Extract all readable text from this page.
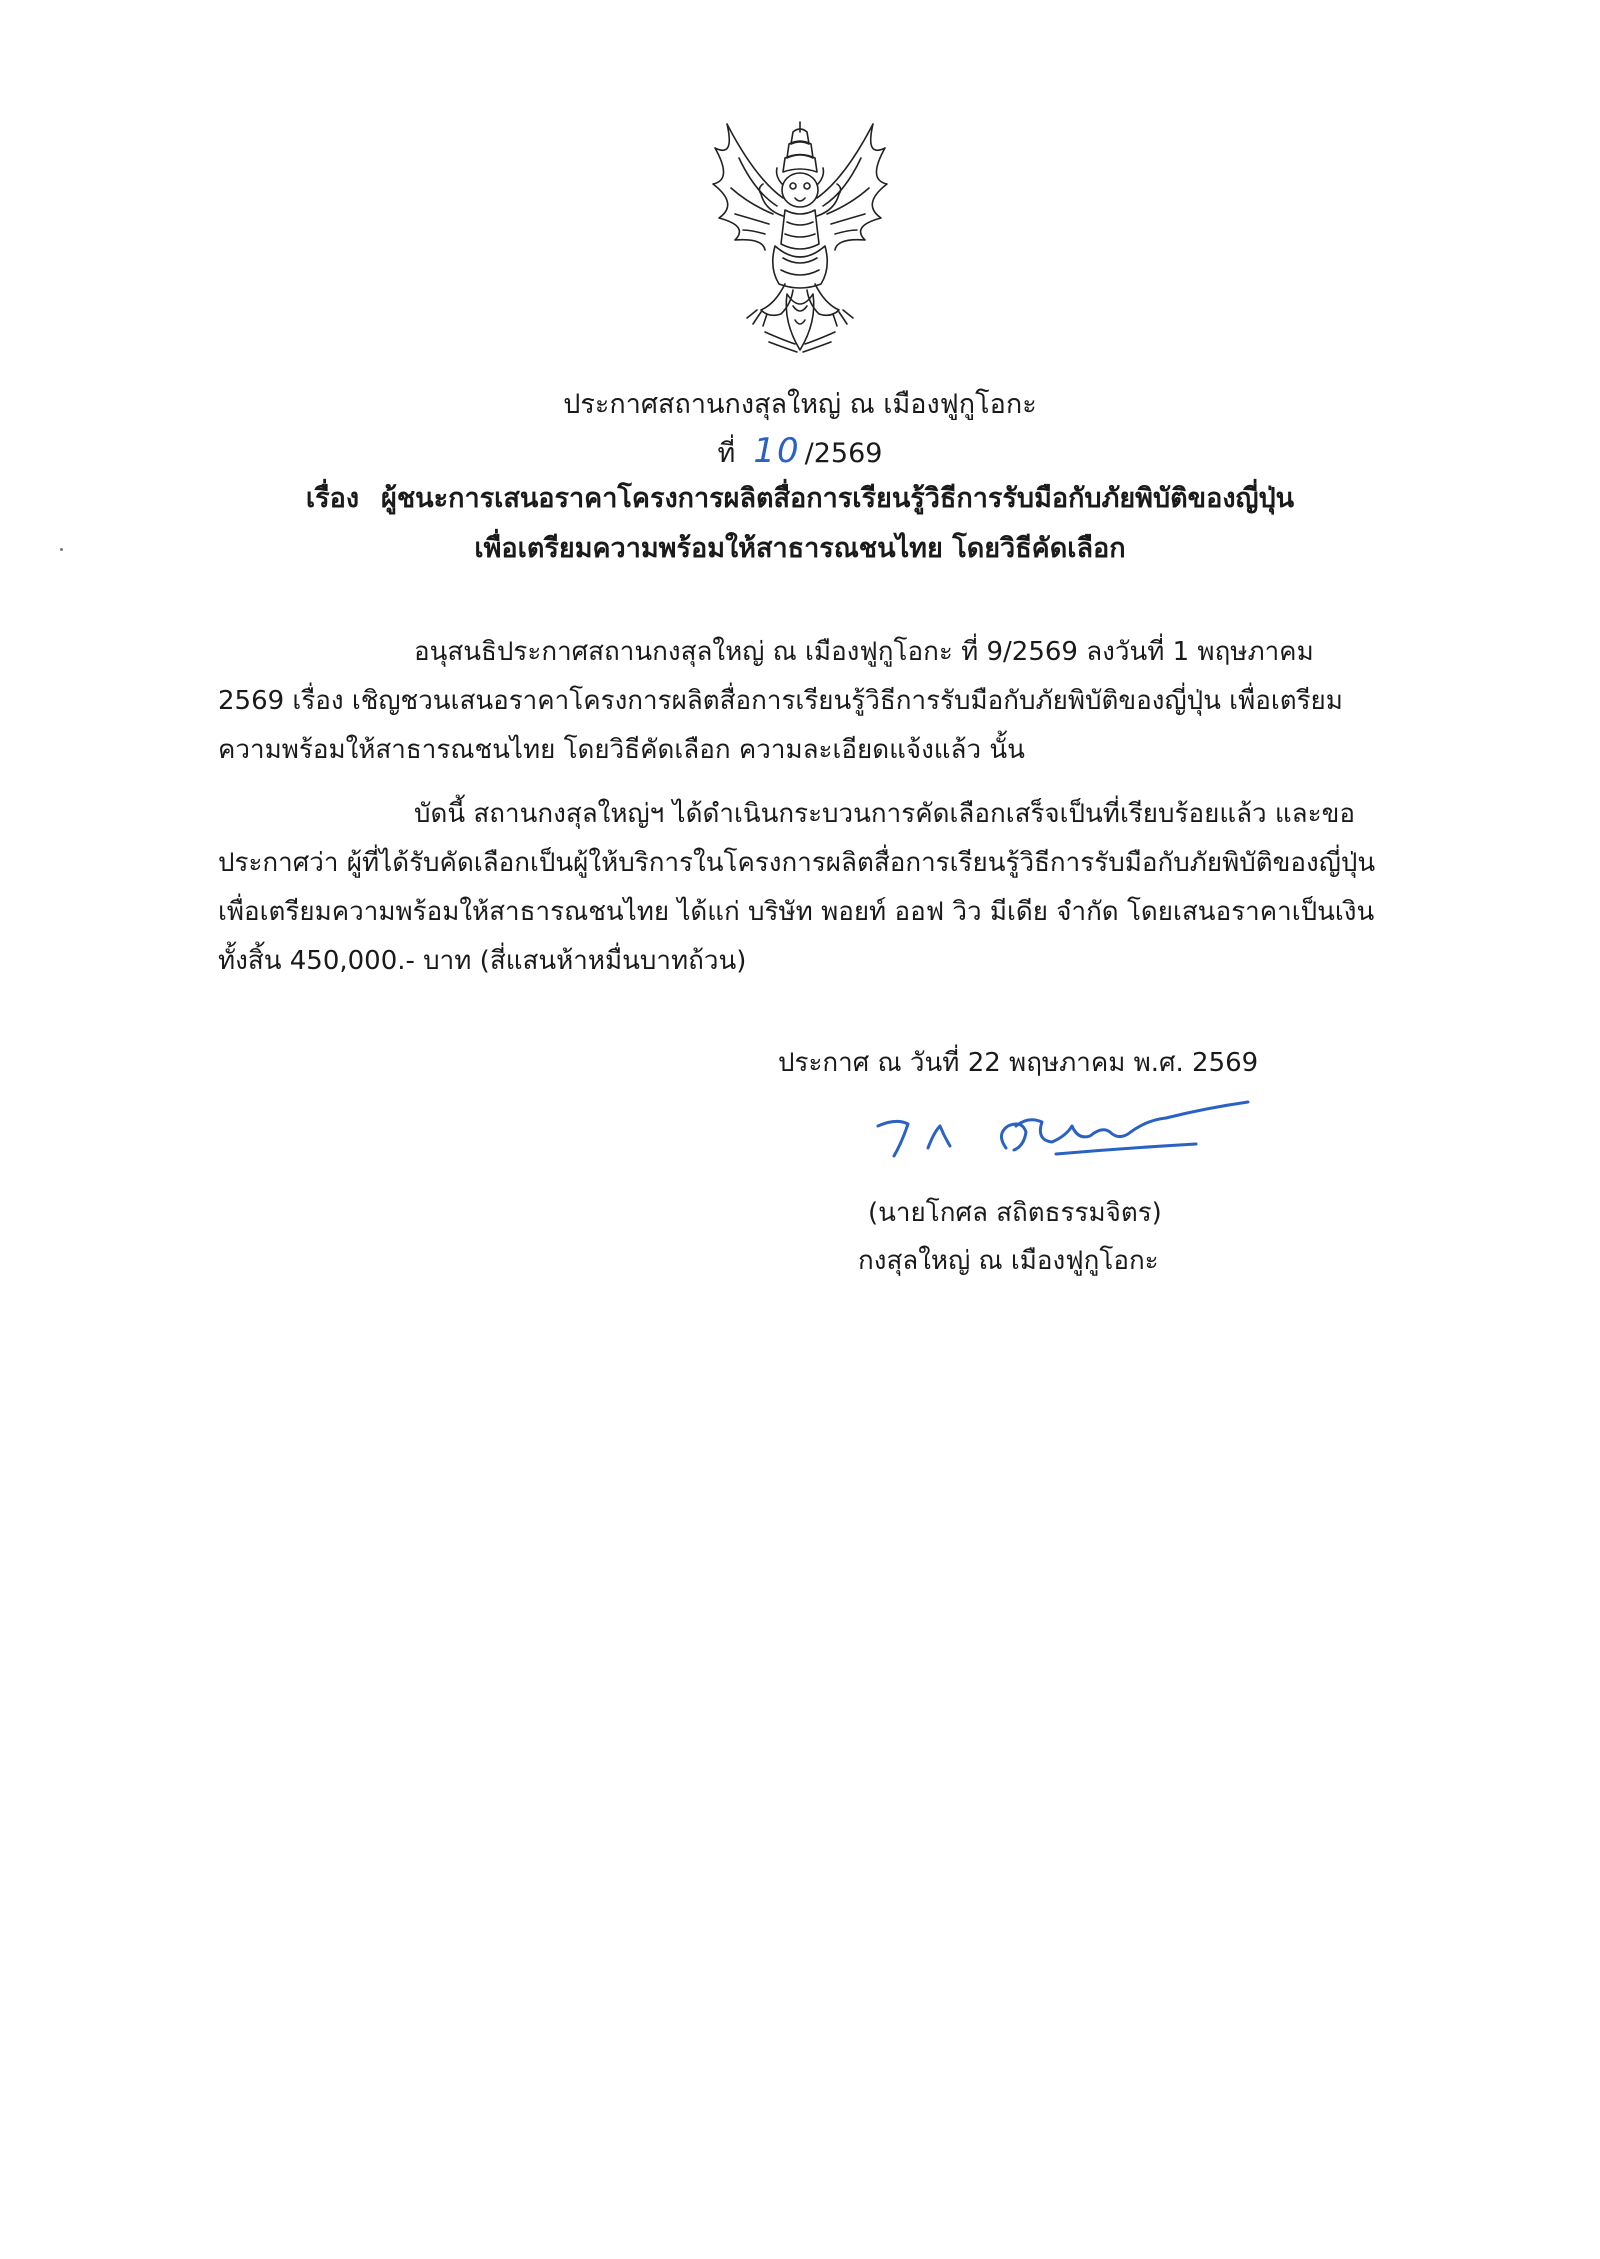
ประกาศสถานกงสุลใหญ่ ณ เมืองฟูกูโอกะ
ที่ 10 /2569
เรื่อง ผู้ชนะการเสนอราคาโครงการผลิตสื่อการเรียนรู้วิธีการรับมือกับภัยพิบัติของญี่ปุ่น
เพื่อเตรียมความพร้อมให้สาธารณชนไทย โดยวิธีคัดเลือก
อนุสนธิประกาศสถานกงสุลใหญ่ ณ เมืองฟูกูโอกะ ที่ 9/2569 ลงวันที่ 1 พฤษภาคม
2569 เรื่อง เชิญชวนเสนอราคาโครงการผลิตสื่อการเรียนรู้วิธีการรับมือกับภัยพิบัติของญี่ปุ่น เพื่อเตรียม
ความพร้อมให้สาธารณชนไทย โดยวิธีคัดเลือก ความละเอียดแจ้งแล้ว นั้น
บัดนี้ สถานกงสุลใหญ่ฯ ได้ดำเนินกระบวนการคัดเลือกเสร็จเป็นที่เรียบร้อยแล้ว และขอ
ประกาศว่า ผู้ที่ได้รับคัดเลือกเป็นผู้ให้บริการในโครงการผลิตสื่อการเรียนรู้วิธีการรับมือกับภัยพิบัติของญี่ปุ่น
เพื่อเตรียมความพร้อมให้สาธารณชนไทย ได้แก่ บริษัท พอยท์ ออฟ วิว มีเดีย จำกัด โดยเสนอราคาเป็นเงิน
ทั้งสิ้น 450,000.- บาท (สี่แสนห้าหมื่นบาทถ้วน)
ประกาศ ณ วันที่ 22 พฤษภาคม พ.ศ. 2569
(นายโกศล สถิตธรรมจิตร)
กงสุลใหญ่ ณ เมืองฟูกูโอกะ
